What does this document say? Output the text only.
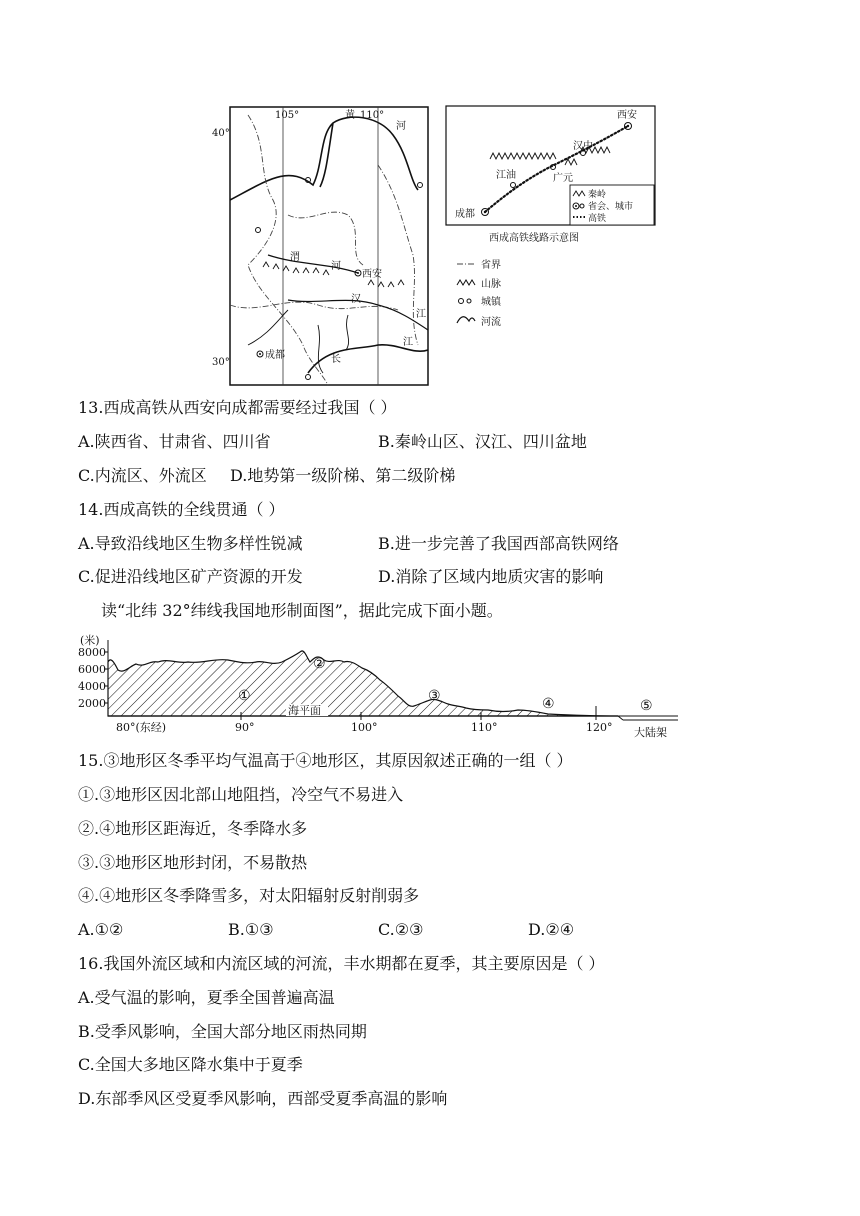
105°	黄 110°
河
渭
河
西安
汉
江
成都	长
江
40°
30°
省界
山脉
城镇
河流
西安
汉中
江油	广元
成都
秦岭
省会、城市
高铁
西成高铁线路示意图
13.西成高铁从西安向成都需要经过我国（ ）
A.陕西省、甘肃省、四川省	B.秦岭山区、汉江、四川盆地
C.内流区、外流区 D.地势第一级阶梯、第二级阶梯
14.西成高铁的全线贯通（ ）
A.导致沿线地区生物多样性锐减	B.进一步完善了我国西部高铁网络
C.促进沿线地区矿产资源的开发	D.消除了区域内地质灾害的影响
读“北纬 32°纬线我国地形制面图”，据此完成下面小题。
(米)
8000
6000
4000
2000
80°(东经)	90°	100°	110°	120°
①
②
③	④	⑤
海平面
大陆架
15.③地形区冬季平均气温高于④地形区，其原因叙述正确的一组（ ）
①.③地形区因北部山地阻挡，冷空气不易进入
②.④地形区距海近，冬季降水多
③.③地形区地形封闭，不易散热
④.④地形区冬季降雪多，对太阳辐射反射削弱多
A.①②	B.①③	C.②③	D.②④
16.我国外流区域和内流区域的河流，丰水期都在夏季，其主要原因是（ ）
A.受气温的影响，夏季全国普遍高温
B.受季风影响，全国大部分地区雨热同期
C.全国大多地区降水集中于夏季
D.东部季风区受夏季风影响，西部受夏季高温的影响
